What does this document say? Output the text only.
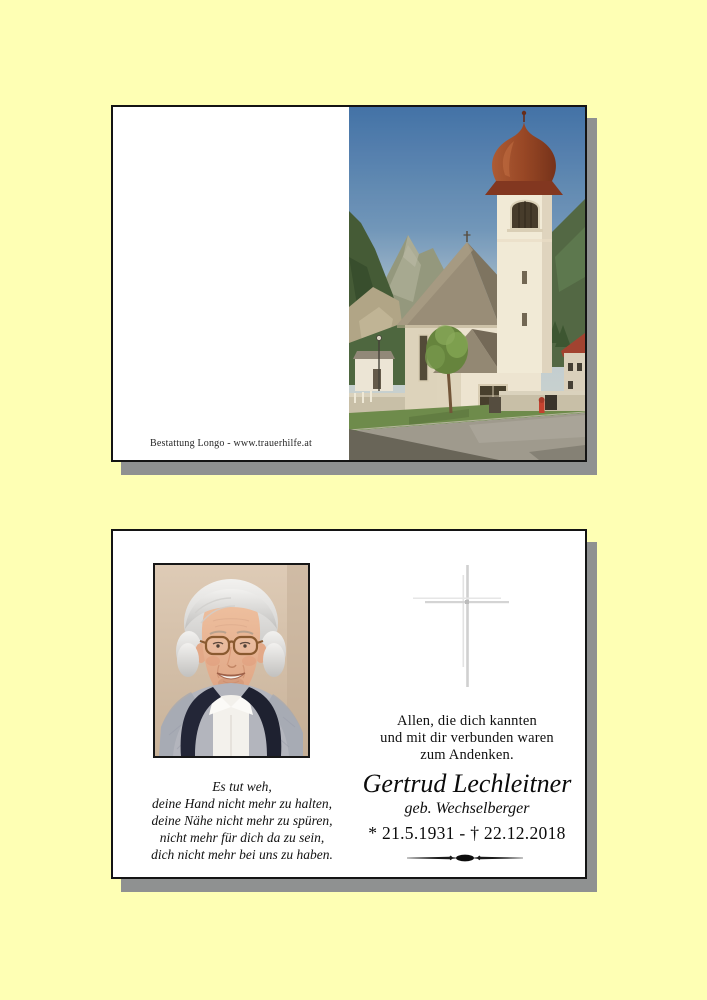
Bestattung Longo - www.trauerhilfe.at
Es tut weh,
deine Hand nicht mehr zu halten,
deine Nähe nicht mehr zu spüren,
nicht mehr für dich da zu sein,
dich nicht mehr bei uns zu haben.
Allen, die dich kannten
und mit dir verbunden waren
zum Andenken.
Gertrud Lechleitner
geb. Wechselberger
* 21.5.1931 - † 22.12.2018
